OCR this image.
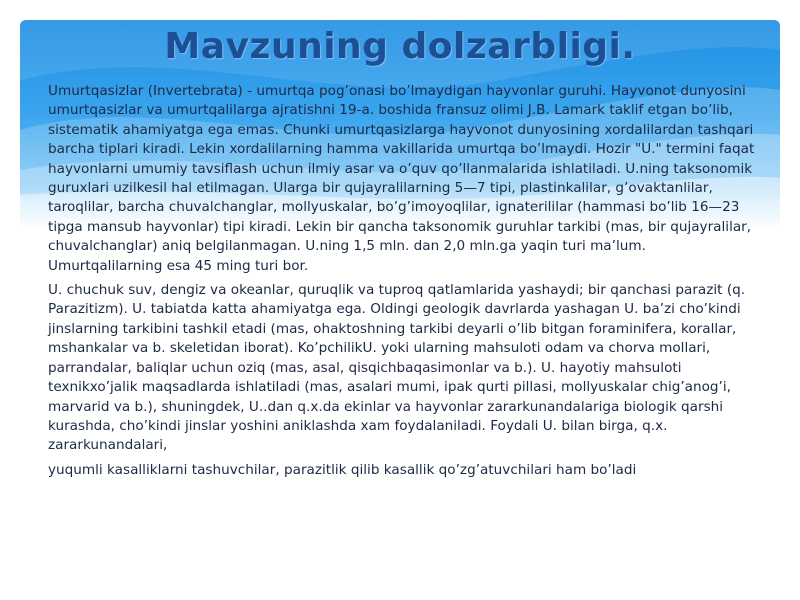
Mavzuning dolzarbligi.

Umurtqasizlar (Invertebrata) - umurtqa pog’onasi bo’lmaydigan hayvonlar guruhi. Hayvonot dunyosini umurtqasizlar va umurtqalilarga ajratishni 19-a. boshida fransuz olimi J.B. Lamark taklif etgan bo’lib, sistematik ahamiyatga ega emas. Chunki umurtqasizlarga hayvonot dunyosining xordalilardan tashqari barcha tiplari kiradi. Lekin xordalilarning hamma vakillarida umurtqa bo’lmaydi. Hozir "U." termini faqat hayvonlarni umumiy tavsiflash uchun ilmiy asar va o’quv qo’llanmalarida ishlatiladi. U.ning taksonomik guruxlari uzilkesil hal etilmagan. Ularga bir qujayralilarning 5—7 tipi, plastinkalilar, g’ovaktanlilar, taroqlilar, barcha chuvalchanglar, mollyuskalar, bo’g’imoyoqlilar, ignaterililar (hammasi bo’lib 16—23 tipga mansub hayvonlar) tipi kiradi. Lekin bir qancha taksonomik guruhlar tarkibi (mas, bir qujayralilar, chuvalchanglar) aniq belgilanmagan. U.ning 1,5 mln. dan 2,0 mln.ga yaqin turi ma’lum. Umurtqalilarning esa 45 ming turi bor.

U. chuchuk suv, dengiz va okeanlar, quruqlik va tuproq qatlamlarida yashaydi; bir qanchasi parazit (q. Parazitizm). U. tabiatda katta ahamiyatga ega. Oldingi geologik davrlarda yashagan U. ba’zi cho’kindi jinslarning tarkibini tashkil etadi (mas, ohaktoshning tarkibi deyarli o’lib bitgan foraminifera, korallar, mshankalar va b. skeletidan iborat). Ko’pchilikU. yoki ularning mahsuloti odam va chorva mollari, parrandalar, baliqlar uchun oziq (mas, asal, qisqichbaqasimonlar va b.). U. hayotiy mahsuloti texnikxo’jalik maqsadlarda ishlatiladi (mas, asalari mumi, ipak qurti pillasi, mollyuskalar chig’anog’i, marvarid va b.), shuningdek, U..dan q.x.da ekinlar va hayvonlar zararkunandalariga biologik qarshi kurashda, cho’kindi jinslar yoshini aniklashda xam foydalaniladi. Foydali U. bilan birga, q.x. zararkunandalari,

yuqumli kasalliklarni tashuvchilar, parazitlik qilib kasallik qo’zg’atuvchilari ham bo’ladi
